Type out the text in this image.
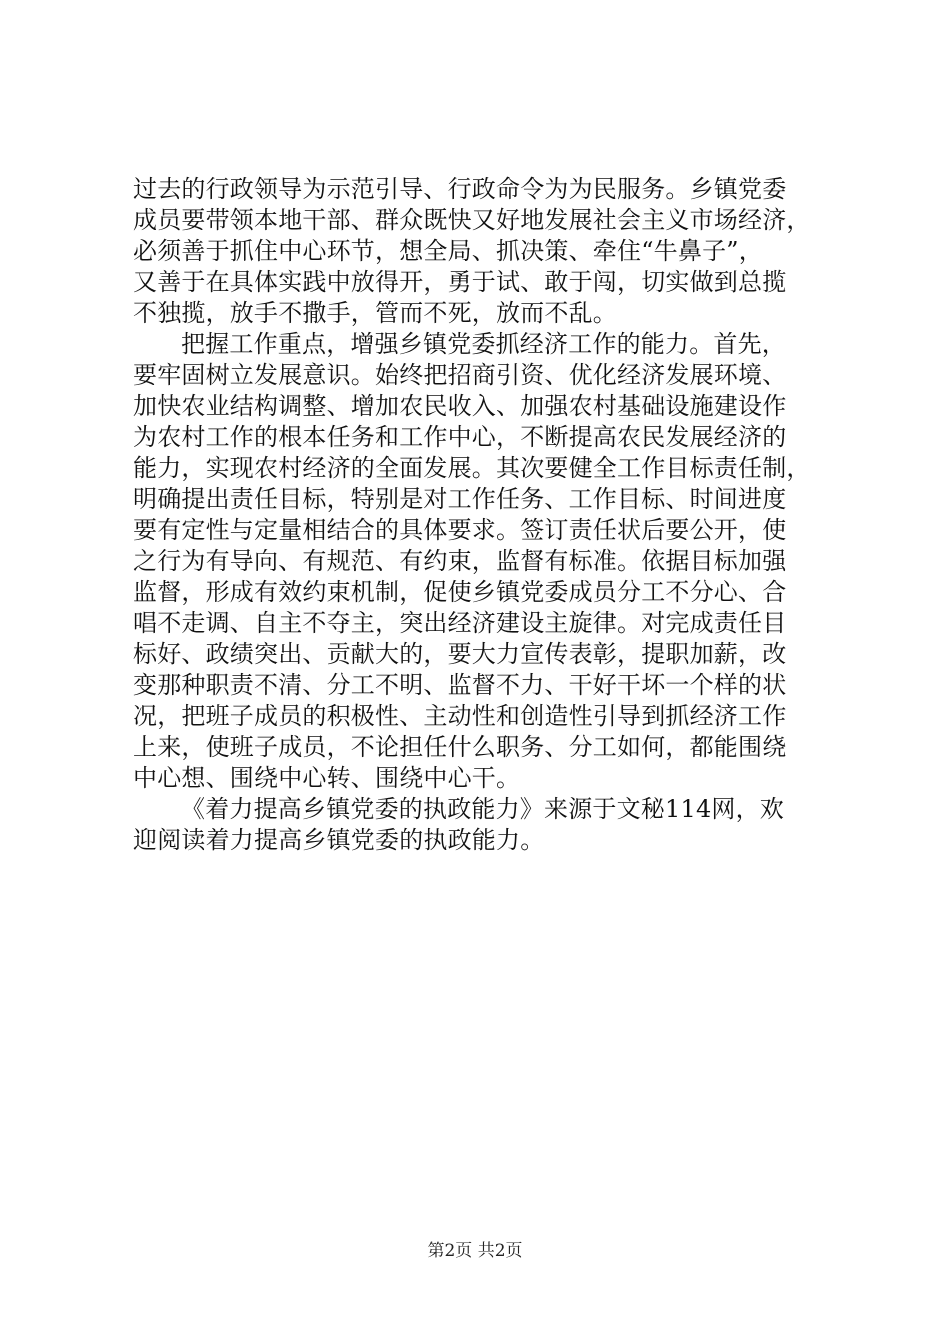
过去的行政领导为示范引导、行政命令为为民服务。乡镇党委
成员要带领本地干部、群众既快又好地发展社会主义市场经济，
必须善于抓住中心环节，想全局、抓决策、牵住“牛鼻子”，
又善于在具体实践中放得开，勇于试、敢于闯，切实做到总揽
不独揽，放手不撒手，管而不死，放而不乱。
把握工作重点，增强乡镇党委抓经济工作的能力。首先，
要牢固树立发展意识。始终把招商引资、优化经济发展环境、
加快农业结构调整、增加农民收入、加强农村基础设施建设作
为农村工作的根本任务和工作中心，不断提高农民发展经济的
能力，实现农村经济的全面发展。其次要健全工作目标责任制，
明确提出责任目标，特别是对工作任务、工作目标、时间进度
要有定性与定量相结合的具体要求。签订责任状后要公开，使
之行为有导向、有规范、有约束，监督有标准。依据目标加强
监督，形成有效约束机制，促使乡镇党委成员分工不分心、合
唱不走调、自主不夺主，突出经济建设主旋律。对完成责任目
标好、政绩突出、贡献大的，要大力宣传表彰，提职加薪，改
变那种职责不清、分工不明、监督不力、干好干坏一个样的状
况，把班子成员的积极性、主动性和创造性引导到抓经济工作
上来，使班子成员，不论担任什么职务、分工如何，都能围绕
中心想、围绕中心转、围绕中心干。
《着力提高乡镇党委的执政能力》来源于文秘114网，欢
迎阅读着力提高乡镇党委的执政能力。
第2页 共2页
